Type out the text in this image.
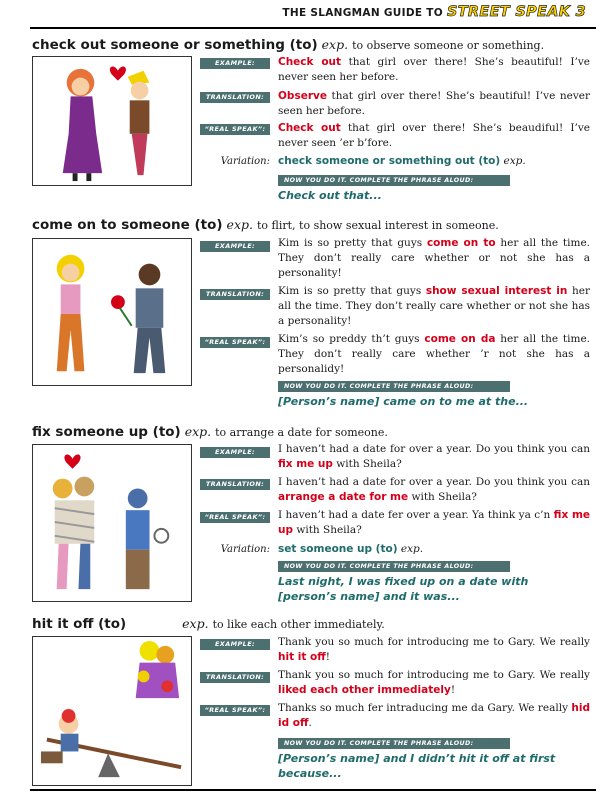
THE SLANGMAN GUIDE TO STREET SPEAK 3
check out someone or something (to) exp. to observe someone or something.
EXAMPLE:	Check out that girl over there! She’s beautiful! I’ve never seen her before.
TRANSLATION:	Observe that girl over there! She’s beautiful! I’ve never seen her before.
“REAL SPEAK”:	Check out that girl over there! She’s beaudiful! I’ve never seen ’er b’fore.
Variation: check someone or something out (to) exp.
NOW YOU DO IT. COMPLETE THE PHRASE ALOUD:
Check out that...
come on to someone (to) exp. to flirt, to show sexual interest in someone.
EXAMPLE:	Kim is so pretty that guys come on to her all the time. They don’t really care whether or not she has a personality!
TRANSLATION:	Kim is so pretty that guys show sexual interest in her all the time. They don’t really care whether or not she has a personality!
“REAL SPEAK”:	Kim’s so preddy th’t guys come on da her all the time. They don’t really care whether ’r not she has a personalidy!
NOW YOU DO IT. COMPLETE THE PHRASE ALOUD:
[Person’s name] came on to me at the...
fix someone up (to) exp. to arrange a date for someone.
EXAMPLE:	I haven’t had a date for over a year. Do you think you can fix me up with Sheila?
TRANSLATION:	I haven’t had a date for over a year. Do you think you can arrange a date for me with Sheila?
“REAL SPEAK”:	I haven’t had a date fer over a year. Ya think ya c’n fix me up with Sheila?
Variation: set someone up (to) exp.
NOW YOU DO IT. COMPLETE THE PHRASE ALOUD:
Last night, I was fixed up on a date with [person’s name] and it was...
hit it off (to)	exp. to like each other immediately.
EXAMPLE:	Thank you so much for introducing me to Gary. We really hit it off!
TRANSLATION:	Thank you so much for introducing me to Gary. We really liked each other immediately!
“REAL SPEAK”:	Thanks so much fer intraducing me da Gary. We really hid id off.
NOW YOU DO IT. COMPLETE THE PHRASE ALOUD:
[Person’s name] and I didn’t hit it off at first because...
